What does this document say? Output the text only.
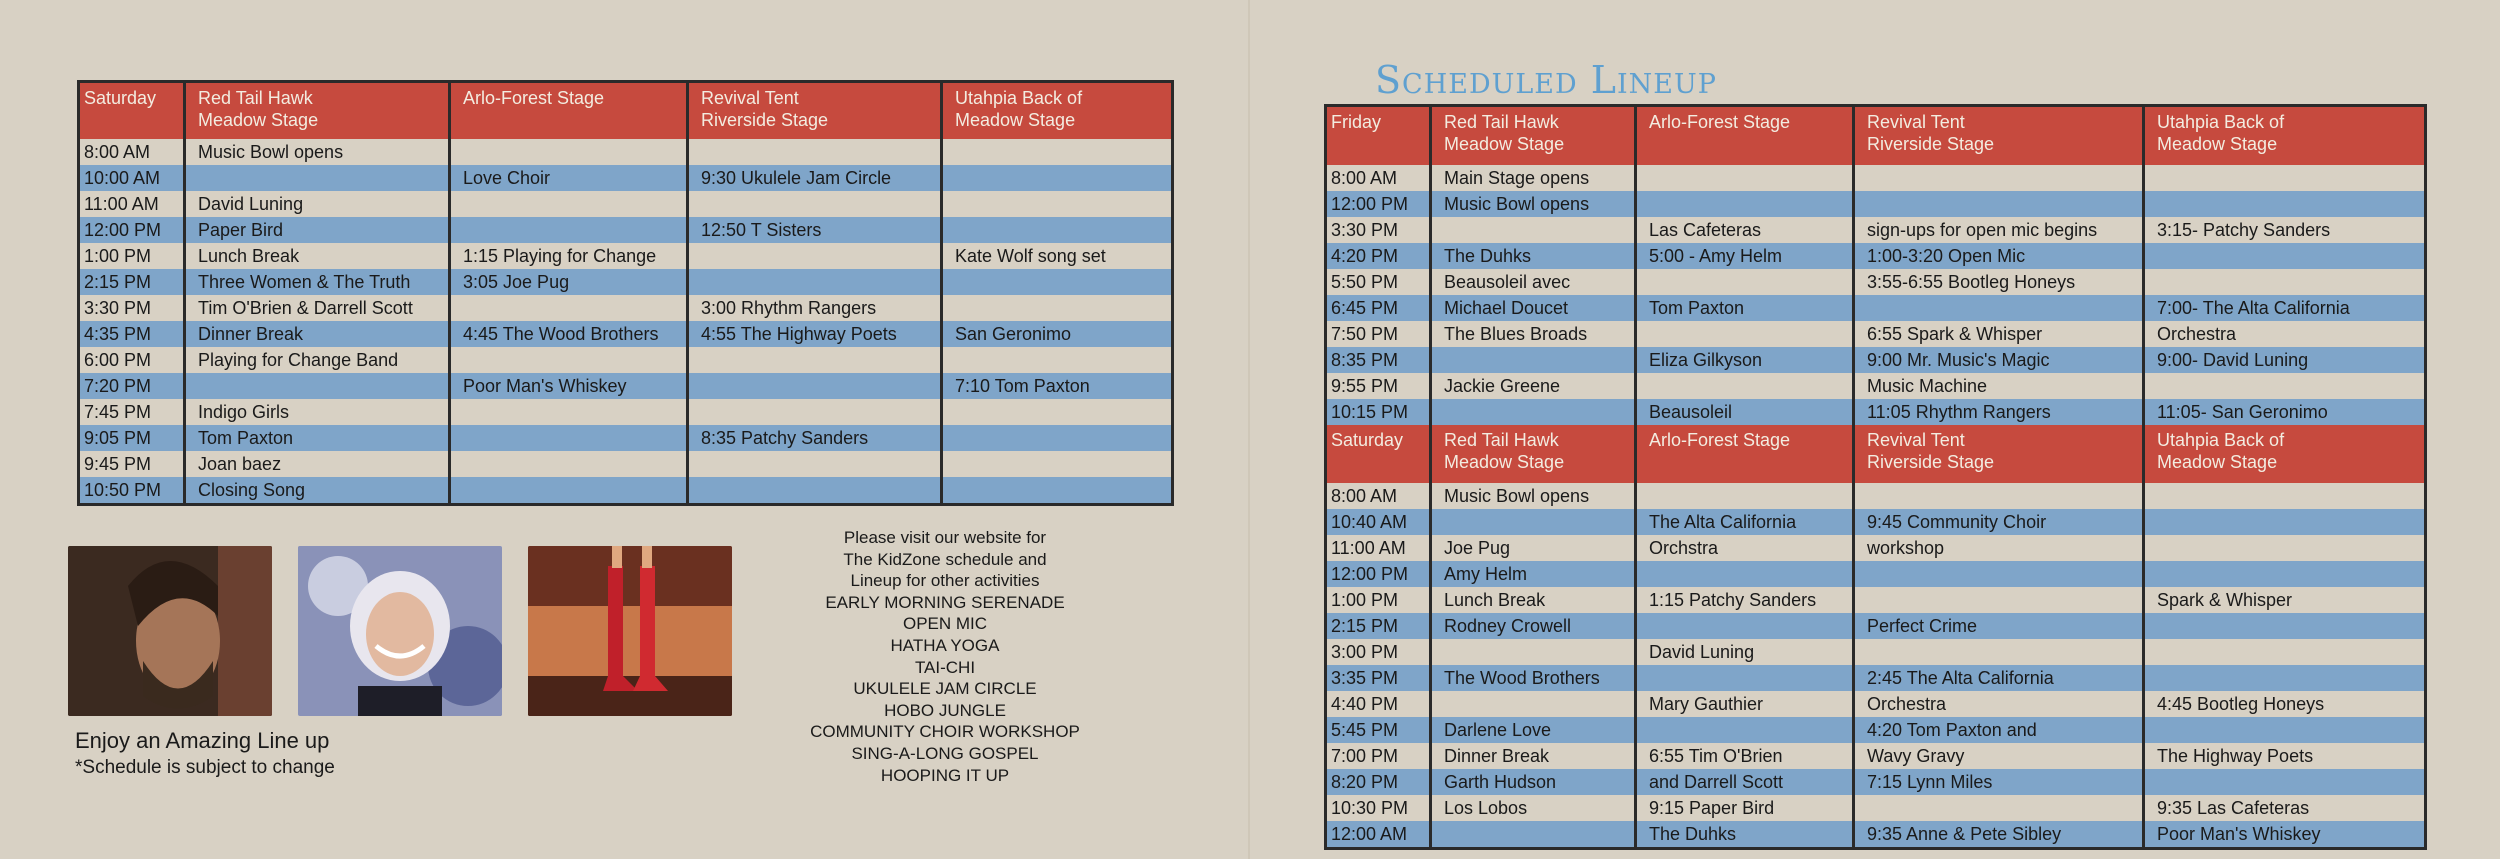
Saturday	Red Tail Hawk
Meadow Stage	Arlo-Forest Stage	Revival Tent
Riverside Stage	Utahpia Back of
Meadow Stage

8:00 AM	Music Bowl opens			
10:00 AM		Love Choir	9:30 Ukulele Jam Circle	
11:00 AM	David Luning			
12:00 PM	Paper Bird		12:50 T Sisters	
1:00 PM	Lunch Break	1:15 Playing for Change		Kate Wolf song set
2:15 PM	Three Women & The Truth	3:05 Joe Pug		
3:30 PM	Tim O'Brien & Darrell Scott		3:00 Rhythm Rangers	
4:35 PM	Dinner Break	4:45 The Wood Brothers	4:55 The Highway Poets	San Geronimo
6:00 PM	Playing for Change Band			
7:20 PM		Poor Man's Whiskey		7:10 Tom Paxton
7:45 PM	Indigo Girls			
9:05 PM	Tom Paxton		8:35 Patchy Sanders	
9:45 PM	Joan baez			
10:50 PM	Closing Song			
Enjoy an Amazing Line up
*Schedule is subject to change
Please visit our website for
The KidZone schedule and
Lineup for other activities
EARLY MORNING SERENADE
OPEN MIC
HATHA YOGA
TAI-CHI
UKULELE JAM CIRCLE
HOBO JUNGLE
COMMUNITY CHOIR WORKSHOP
SING-A-LONG GOSPEL
HOOPING IT UP
Scheduled Lineup
Friday	Red Tail Hawk
Meadow Stage	Arlo-Forest Stage	Revival Tent
Riverside Stage	Utahpia Back of
Meadow Stage

8:00 AM	Main Stage opens			
12:00 PM	Music Bowl opens			
3:30 PM		Las Cafeteras	sign-ups for open mic begins	3:15- Patchy Sanders
4:20 PM	The Duhks	5:00 - Amy Helm	1:00-3:20 Open Mic	
5:50 PM	Beausoleil avec		3:55-6:55 Bootleg Honeys	
6:45 PM	Michael Doucet	Tom Paxton		7:00- The Alta California
7:50 PM	The Blues Broads		6:55 Spark & Whisper	Orchestra
8:35 PM		Eliza Gilkyson	9:00 Mr. Music's Magic	9:00- David Luning
9:55 PM	Jackie Greene		Music Machine	
10:15 PM		Beausoleil	11:05 Rhythm Rangers	11:05- San Geronimo

Saturday	Red Tail Hawk
Meadow Stage	Arlo-Forest Stage	Revival Tent
Riverside Stage	Utahpia Back of
Meadow Stage

8:00 AM	Music Bowl opens			
10:40 AM		The Alta California	9:45 Community Choir	
11:00 AM	Joe Pug	Orchstra	workshop	
12:00 PM	Amy Helm			
1:00 PM	Lunch Break	1:15 Patchy Sanders		Spark & Whisper
2:15 PM	Rodney Crowell		Perfect Crime	
3:00 PM		David Luning		
3:35 PM	The Wood Brothers		2:45 The Alta California	
4:40 PM		Mary Gauthier	Orchestra	4:45 Bootleg Honeys
5:45 PM	Darlene Love		4:20 Tom Paxton and	
7:00 PM	Dinner Break	6:55 Tim O'Brien	Wavy Gravy	The Highway Poets
8:20 PM	Garth Hudson	and Darrell Scott	7:15 Lynn Miles	
10:30 PM	Los Lobos	9:15 Paper Bird		9:35 Las Cafeteras
12:00 AM		The Duhks	9:35 Anne & Pete Sibley	Poor Man's Whiskey
